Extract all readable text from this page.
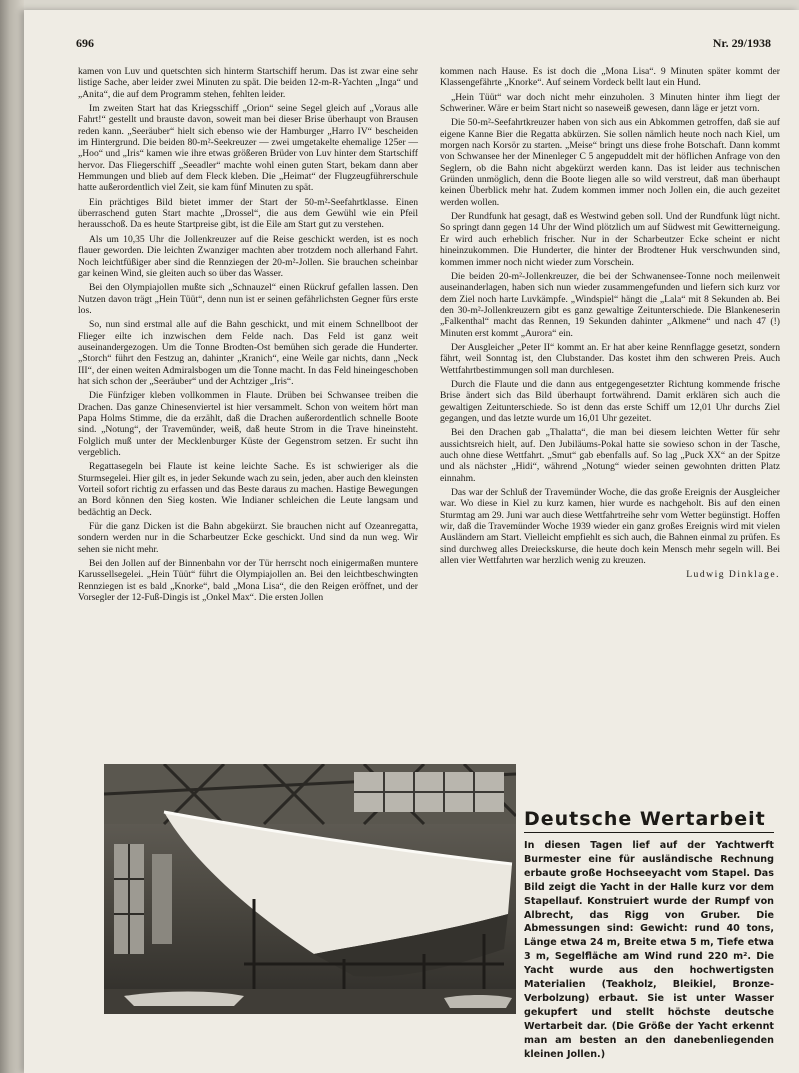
696	Nr. 29/1938

kamen von Luv und quetschten sich hinterm Startschiff herum. Das ist zwar eine sehr listige Sache, aber leider zwei Minuten zu spät. Die beiden 12-m-R-Yachten „Inga“ und „Anita“, die auf dem Programm stehen, fehlten leider.

Im zweiten Start hat das Kriegsschiff „Orion“ seine Segel gleich auf „Voraus alle Fahrt!“ gestellt und brauste davon, soweit man bei dieser Brise überhaupt von Brausen reden kann. „Seeräuber“ hielt sich ebenso wie der Hamburger „Harro IV“ bescheiden im Hintergrund. Die beiden 80-m²-Seekreuzer — zwei umgetakelte ehemalige 125er — „Hoo“ und „Iris“ kamen wie ihre etwas größeren Brüder von Luv hinter dem Startschiff hervor. Das Fliegerschiff „Seeadler“ machte wohl einen guten Start, bekam dann aber Hemmungen und blieb auf dem Fleck kleben. Die „Heimat“ der Flugzeugführerschule hatte außerordentlich viel Zeit, sie kam fünf Minuten zu spät.

Ein prächtiges Bild bietet immer der Start der 50-m²-Seefahrtklasse. Einen überraschend guten Start machte „Drossel“, die aus dem Gewühl wie ein Pfeil herausschoß. Da es heute Startpreise gibt, ist die Eile am Start gut zu verstehen.

Als um 10,35 Uhr die Jollenkreuzer auf die Reise geschickt werden, ist es noch flauer geworden. Die leichten Zwanziger machten aber trotzdem noch allerhand Fahrt. Noch leichtfüßiger aber sind die Rennziegen der 20-m²-Jollen. Sie brauchen scheinbar gar keinen Wind, sie gleiten auch so über das Wasser.

Bei den Olympiajollen mußte sich „Schnauzel“ einen Rückruf gefallen lassen. Den Nutzen davon trägt „Hein Tüüt“, denn nun ist er seinen gefährlichsten Gegner fürs erste los.

So, nun sind erstmal alle auf die Bahn geschickt, und mit einem Schnellboot der Flieger eilte ich inzwischen dem Felde nach. Das Feld ist ganz weit auseinandergezogen. Um die Tonne Brodten-Ost bemühen sich gerade die Hunderter. „Storch“ führt den Festzug an, dahinter „Kranich“, eine Weile gar nichts, dann „Neck III“, der einen weiten Admiralsbogen um die Tonne macht. In das Feld hineingeschoben hat sich schon der „Seeräuber“ und der Achtziger „Iris“.

Die Fünfziger kleben vollkommen in Flaute. Drüben bei Schwansee treiben die Drachen. Das ganze Chinesenviertel ist hier versammelt. Schon von weitem hört man Papa Holms Stimme, die da erzählt, daß die Drachen außerordentlich schnelle Boote sind. „Notung“, der Travemünder, weiß, daß heute Strom in die Trave hineinsteht. Folglich muß unter der Mecklenburger Küste der Gegenstrom setzen. Er sucht ihn vergeblich.

Regattasegeln bei Flaute ist keine leichte Sache. Es ist schwieriger als die Sturmsegelei. Hier gilt es, in jeder Sekunde wach zu sein, jeden, aber auch den kleinsten Vorteil sofort richtig zu erfassen und das Beste daraus zu machen. Hastige Bewegungen an Bord können den Sieg kosten. Wie Indianer schleichen die Leute langsam und bedächtig an Deck.

Für die ganz Dicken ist die Bahn abgekürzt. Sie brauchen nicht auf Ozeanregatta, sondern werden nur in die Scharbeutzer Ecke geschickt. Und sind da nun weg. Wir sehen sie nicht mehr.

Bei den Jollen auf der Binnenbahn vor der Tür herrscht noch einigermaßen muntere Karussellsegelei. „Hein Tüüt“ führt die Olympiajollen an. Bei den leichtbeschwingten Rennziegen ist es bald „Knorke“, bald „Mona Lisa“, die den Reigen eröffnet, und der Vorsegler der 12-Fuß-Dingis ist „Onkel Max“. Die ersten Jollen

kommen nach Hause. Es ist doch die „Mona Lisa“. 9 Minuten später kommt der Klassengefährte „Knorke“. Auf seinem Vordeck bellt laut ein Hund.

„Hein Tüüt“ war doch nicht mehr einzuholen. 3 Minuten hinter ihm liegt der Schweriner. Wäre er beim Start nicht so naseweiß gewesen, dann läge er jetzt vorn.

Die 50-m²-Seefahrtkreuzer haben von sich aus ein Abkommen getroffen, daß sie auf eigene Kanne Bier die Regatta abkürzen. Sie sollen nämlich heute noch nach Kiel, um morgen nach Korsör zu starten. „Meise“ bringt uns diese frohe Botschaft. Dann kommt von Schwansee her der Minenleger C 5 angepuddelt mit der höflichen Anfrage von den Seglern, ob die Bahn nicht abgekürzt werden kann. Das ist leider aus technischen Gründen unmöglich, denn die Boote liegen alle so wild verstreut, daß man überhaupt keinen Überblick mehr hat. Zudem kommen immer noch Jollen ein, die auch gezeitet werden wollen.

Der Rundfunk hat gesagt, daß es Westwind geben soll. Und der Rundfunk lügt nicht. So springt dann gegen 14 Uhr der Wind plötzlich um auf Südwest mit Gewitterneigung. Er wird auch erheblich frischer. Nur in der Scharbeutzer Ecke scheint er nicht hineinzukommen. Die Hunderter, die hinter der Brodtener Huk verschwunden sind, kommen immer noch nicht wieder zum Vorschein.

Die beiden 20-m²-Jollenkreuzer, die bei der Schwanensee-Tonne noch meilenweit auseinanderlagen, haben sich nun wieder zusammengefunden und liefern sich kurz vor dem Ziel noch harte Luvkämpfe. „Windspiel“ hängt die „Lala“ mit 8 Sekunden ab. Bei den 30-m²-Jollenkreuzern gibt es ganz gewaltige Zeitunterschiede. Die Blankeneserin „Falkenthal“ macht das Rennen, 19 Sekunden dahinter „Alkmene“ und nach 47 (!) Minuten erst kommt „Aurora“ ein.

Der Ausgleicher „Peter II“ kommt an. Er hat aber keine Rennflagge gesetzt, sondern fährt, weil Sonntag ist, den Clubstander. Das kostet ihm den schweren Preis. Auch Wettfahrtbestimmungen soll man durchlesen.

Durch die Flaute und die dann aus entgegengesetzter Richtung kommende frische Brise ändert sich das Bild überhaupt fortwährend. Damit erklären sich auch die gewaltigen Zeitunterschiede. So ist denn das erste Schiff um 12,01 Uhr durchs Ziel gegangen, und das letzte wurde um 16,01 Uhr gezeitet.

Bei den Drachen gab „Thalatta“, die man bei diesem leichten Wetter für sehr aussichtsreich hielt, auf. Den Jubiläums-Pokal hatte sie sowieso schon in der Tasche, auch ohne diese Wettfahrt. „Smut“ gab ebenfalls auf. So lag „Puck XX“ an der Spitze und als nächster „Hidi“, während „Notung“ wieder seinen gewohnten dritten Platz einnahm.

Das war der Schluß der Travemünder Woche, die das große Ereignis der Ausgleicher war. Wo diese in Kiel zu kurz kamen, hier wurde es nachgeholt. Bis auf den einen Sturmtag am 29. Juni war auch diese Wettfahrtreihe sehr vom Wetter begünstigt. Hoffen wir, daß die Travemünder Woche 1939 wieder ein ganz großes Ereignis wird mit vielen Ausländern am Start. Vielleicht empfiehlt es sich auch, die Bahnen einmal zu prüfen. Es sind durchweg alles Dreieckskurse, die heute doch kein Mensch mehr segeln will. Bei allen vier Wettfahrten war herzlich wenig zu kreuzen.

Ludwig Dinklage.

Deutsche Wertarbeit

In diesen Tagen lief auf der Yachtwerft Burmester eine für ausländische Rechnung erbaute große Hochseeyacht vom Stapel. Das Bild zeigt die Yacht in der Halle kurz vor dem Stapellauf. Konstruiert wurde der Rumpf von Albrecht, das Rigg von Gruber. Die Abmessungen sind: Gewicht: rund 40 tons, Länge etwa 24 m, Breite etwa 5 m, Tiefe etwa 3 m, Segelfläche am Wind rund 220 m². Die Yacht wurde aus den hochwertigsten Materialien (Teakholz, Bleikiel, Bronze-Verbolzung) erbaut. Sie ist unter Wasser gekupfert und stellt höchste deutsche Wertarbeit dar. (Die Größe der Yacht erkennt man am besten an den danebenliegenden kleinen Jollen.)
